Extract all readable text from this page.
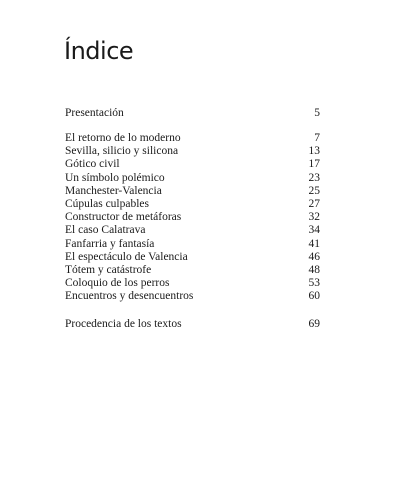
Índice
Presentación	5
El retorno de lo moderno	7
Sevilla, silicio y silicona	13
Gótico civil	17
Un símbolo polémico	23
Manchester-Valencia	25
Cúpulas culpables	27
Constructor de metáforas	32
El caso Calatrava	34
Fanfarria y fantasía	41
El espectáculo de Valencia	46
Tótem y catástrofe	48
Coloquio de los perros	53
Encuentros y desencuentros	60
Procedencia de los textos	69
